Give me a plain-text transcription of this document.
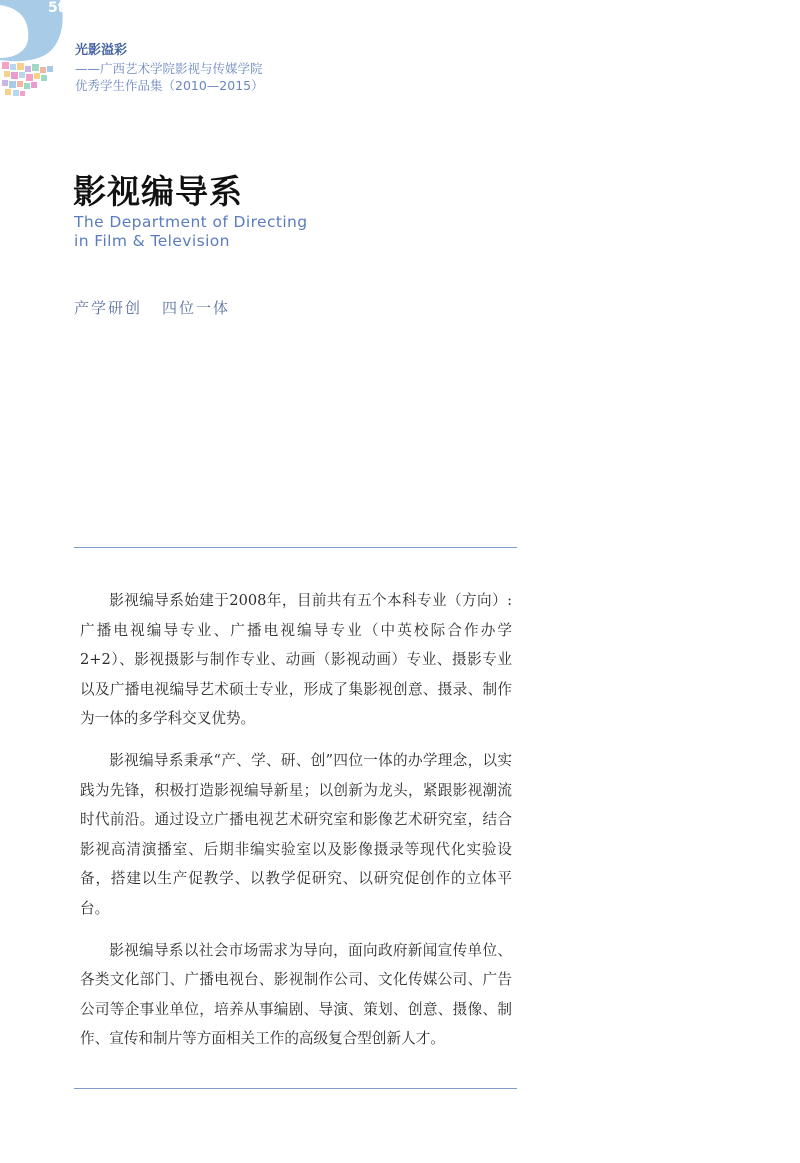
5th
光影溢彩
——广西艺术学院影视与传媒学院
优秀学生作品集（2010—2015）
影视编导系
The Department of Directing
in Film & Television
产学研创 四位一体

影视编导系始建于2008年，目前共有五个本科专业（方向）:广播电视编导专业、广播电视编导专业（中英校际合作办学2+2）、影视摄影与制作专业、动画（影视动画）专业、摄影专业以及广播电视编导艺术硕士专业，形成了集影视创意、摄录、制作为一体的多学科交叉优势。

影视编导系秉承“产、学、研、创”四位一体的办学理念，以实践为先锋，积极打造影视编导新星；以创新为龙头，紧跟影视潮流时代前沿。通过设立广播电视艺术研究室和影像艺术研究室，结合影视高清演播室、后期非编实验室以及影像摄录等现代化实验设备，搭建以生产促教学、以教学促研究、以研究促创作的立体平台。

影视编导系以社会市场需求为导向，面向政府新闻宣传单位、各类文化部门、广播电视台、影视制作公司、文化传媒公司、广告公司等企事业单位，培养从事编剧、导演、策划、创意、摄像、制作、宣传和制片等方面相关工作的高级复合型创新人才。
